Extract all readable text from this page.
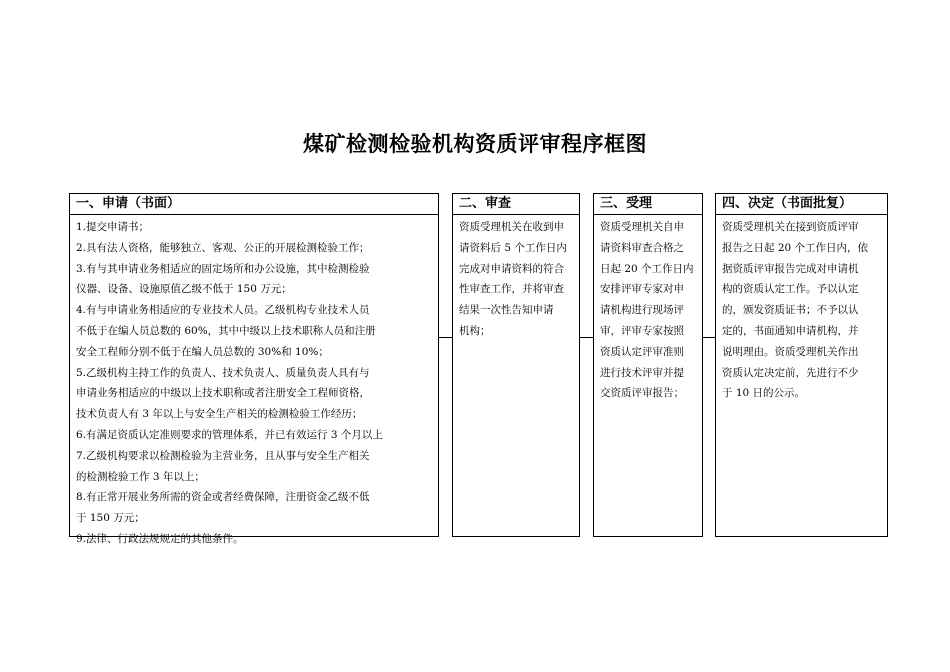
煤矿检测检验机构资质评审程序框图
一、申请（书面）
1.提交申请书；
2.具有法人资格，能够独立、客观、公正的开展检测检验工作；
3.有与其申请业务相适应的固定场所和办公设施，其中检测检验
仪器、设备、设施原值乙级不低于 150 万元；
4.有与申请业务相适应的专业技术人员。乙级机构专业技术人员
不低于在编人员总数的 60%，其中中级以上技术职称人员和注册
安全工程师分别不低于在编人员总数的 30%和 10%；
5.乙级机构主持工作的负责人、技术负责人、质量负责人具有与
申请业务相适应的中级以上技术职称或者注册安全工程师资格，
技术负责人有 3 年以上与安全生产相关的检测检验工作经历；
6.有满足资质认定准则要求的管理体系，并已有效运行 3 个月以上
7.乙级机构要求以检测检验为主营业务，且从事与安全生产相关
的检测检验工作 3 年以上；
8.有正常开展业务所需的资金或者经费保障，注册资金乙级不低
于 150 万元；
9.法律、行政法规规定的其他条件。
二、审查
资质受理机关在收到申
请资料后 5 个工作日内
完成对申请资料的符合
性审查工作，并将审查
结果一次性告知申请
机构；
三、受理
资质受理机关自申
请资料审查合格之
日起 20 个工作日内
安排评审专家对申
请机构进行现场评
审，评审专家按照
资质认定评审准则
进行技术评审并提
交资质评审报告；
四、决定（书面批复）
资质受理机关在接到资质评审
报告之日起 20 个工作日内，依
据资质评审报告完成对申请机
构的资质认定工作。予以认定
的，颁发资质证书；不予以认
定的，书面通知申请机构，并
说明理由。资质受理机关作出
资质认定决定前，先进行不少
于 10 日的公示。
